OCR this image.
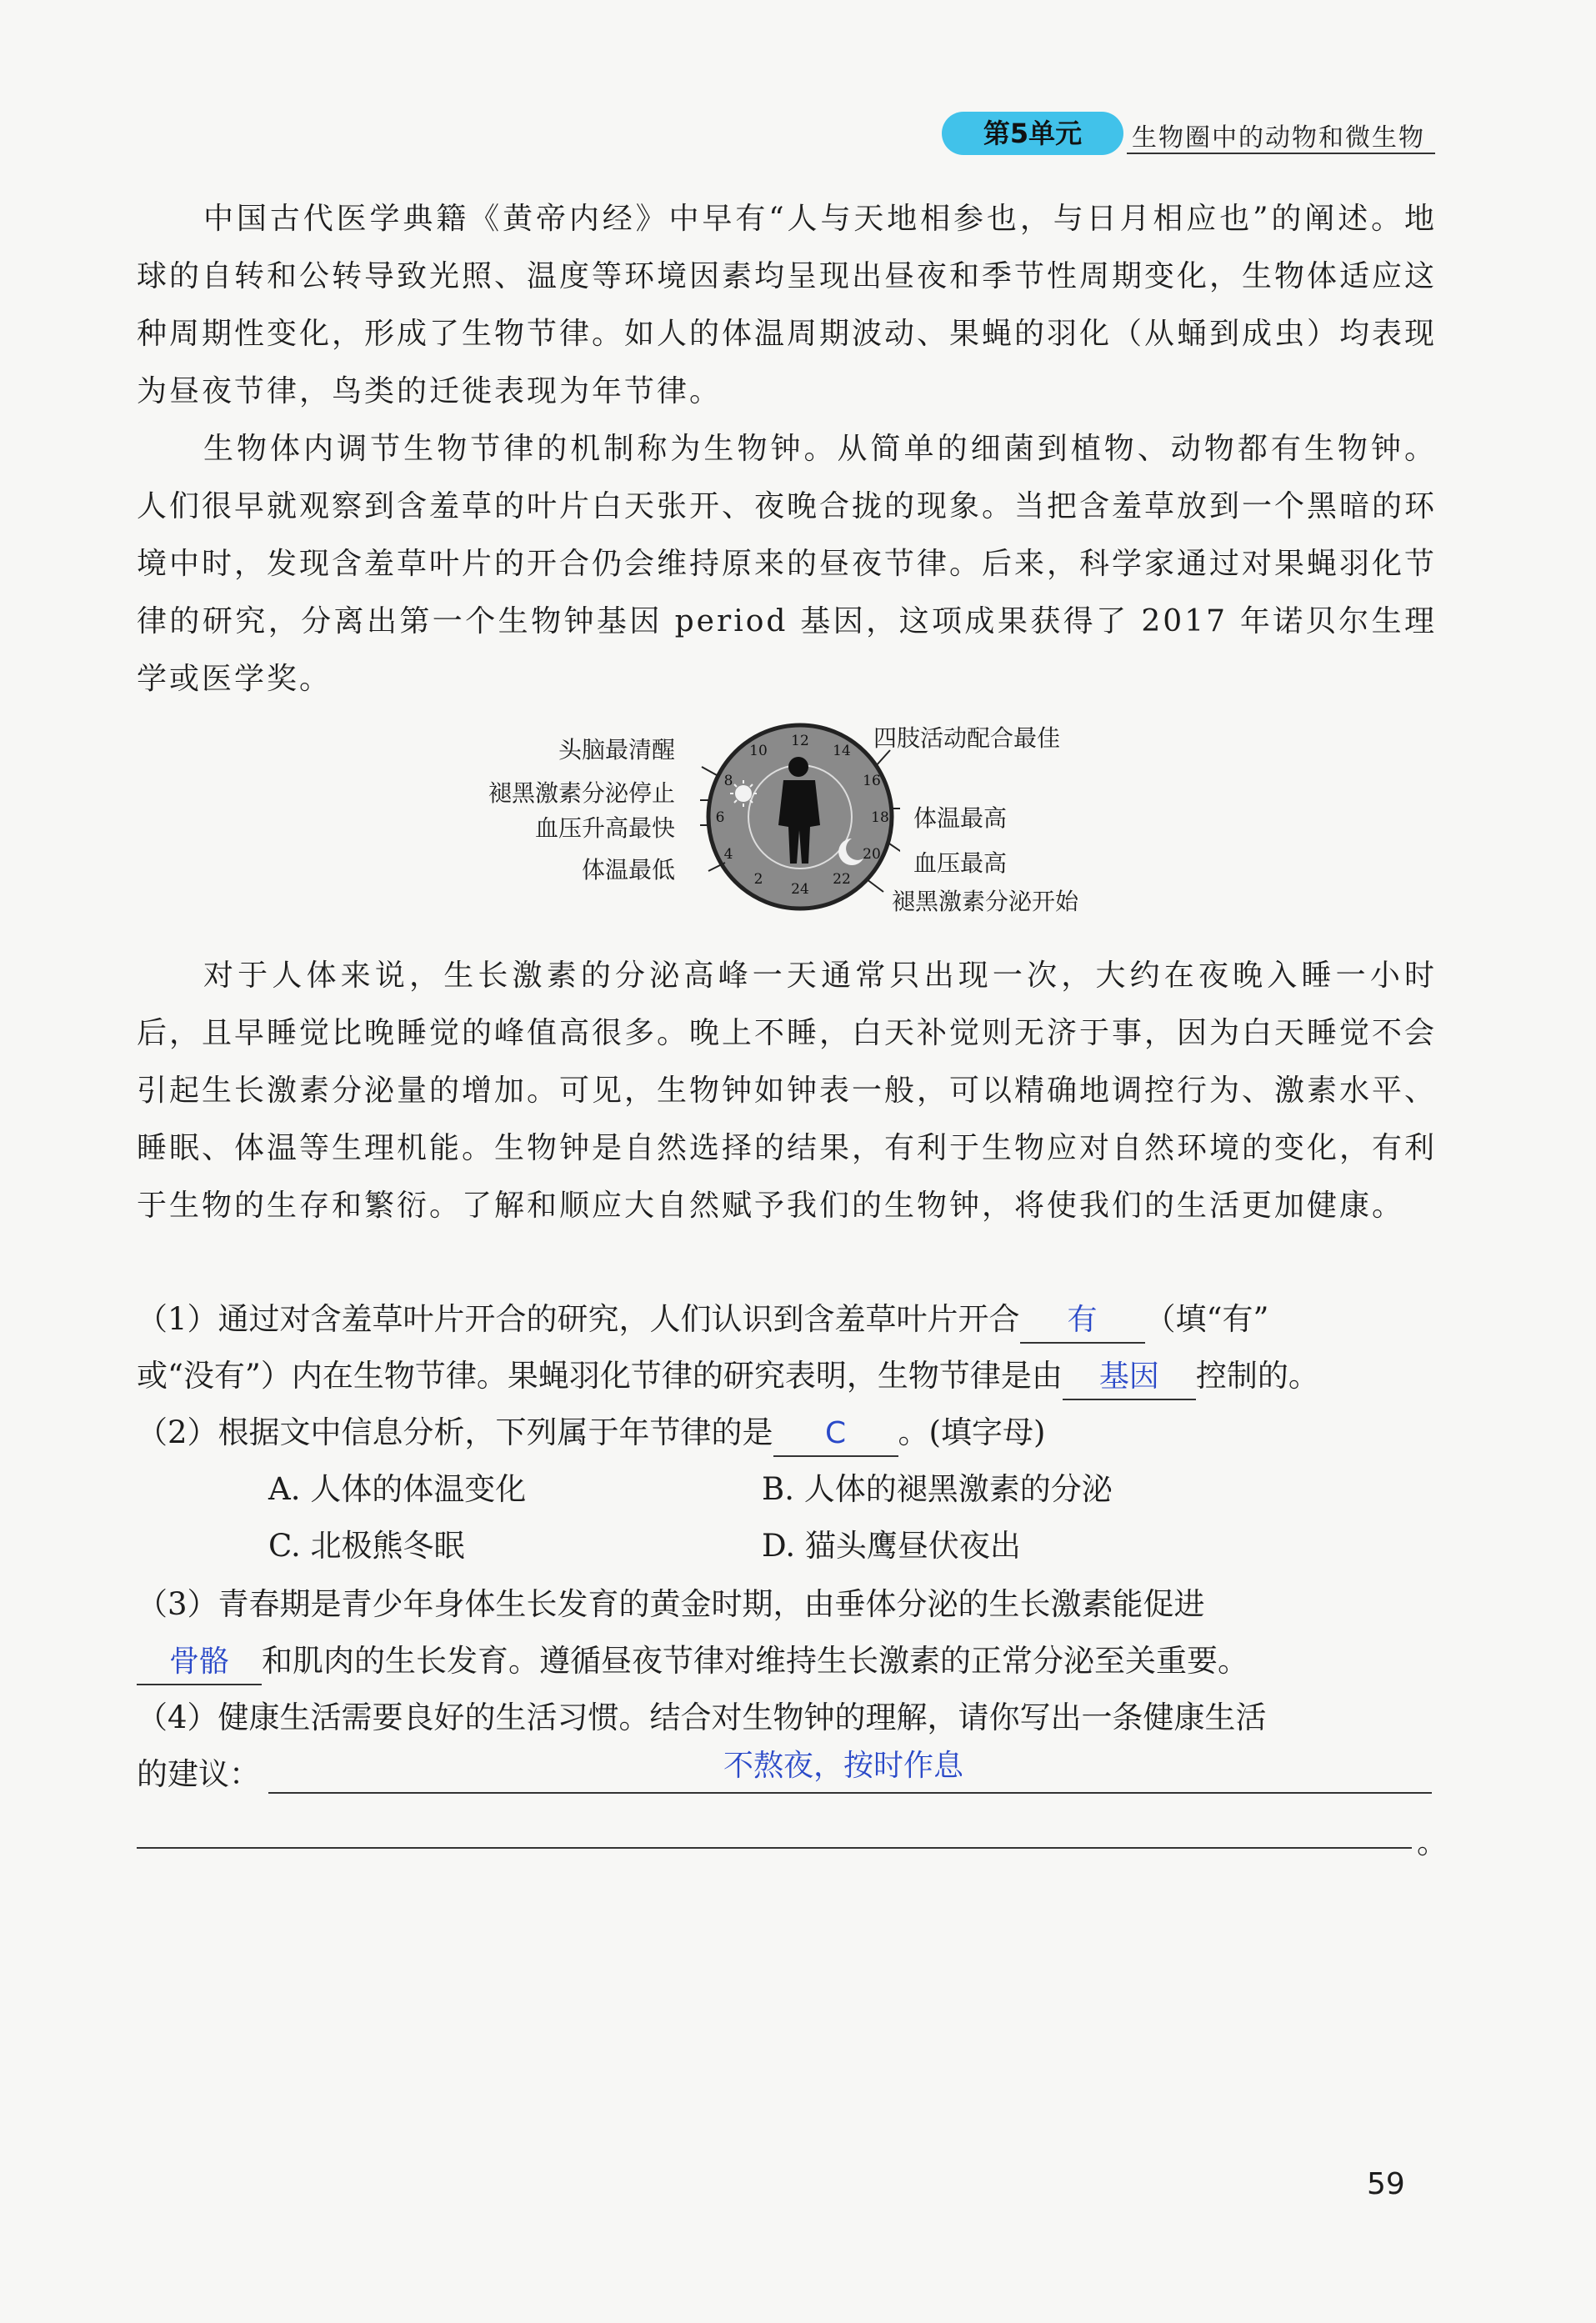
第5单元	生物圈中的动物和微生物

中国古代医学典籍《黄帝内经》中早有“人与天地相参也，与日月相应也”的阐述。地球的自转和公转导致光照、温度等环境因素均呈现出昼夜和季节性周期变化，生物体适应这种周期性变化，形成了生物节律。如人的体温周期波动、果蝇的羽化（从蛹到成虫）均表现为昼夜节律，鸟类的迁徙表现为年节律。

生物体内调节生物节律的机制称为生物钟。从简单的细菌到植物、动物都有生物钟。人们很早就观察到含羞草的叶片白天张开、夜晚合拢的现象。当把含羞草放到一个黑暗的环境中时，发现含羞草叶片的开合仍会维持原来的昼夜节律。后来，科学家通过对果蝇羽化节律的研究，分离出第一个生物钟基因 period 基因，这项成果获得了 2017 年诺贝尔生理学或医学奖。

头脑最清醒
褪黑激素分泌停止
血压升高最快
体温最低
四肢活动配合最佳
体温最高
血压最高
褪黑激素分泌开始
24
2
4
6
8
10
12
14
16
18
20
22

对于人体来说，生长激素的分泌高峰一天通常只出现一次，大约在夜晚入睡一小时后，且早睡觉比晚睡觉的峰值高很多。晚上不睡，白天补觉则无济于事，因为白天睡觉不会引起生长激素分泌量的增加。可见，生物钟如钟表一般，可以精确地调控行为、激素水平、睡眠、体温等生理机能。生物钟是自然选择的结果，有利于生物应对自然环境的变化，有利于生物的生存和繁衍。了解和顺应大自然赋予我们的生物钟，将使我们的生活更加健康。

（1）通过对含羞草叶片开合的研究，人们认识到含羞草叶片开合 有 （填“有”
或“没有”）内在生物节律。果蝇羽化节律的研究表明，生物节律是由 基因 控制的。
（2）根据文中信息分析，下列属于年节律的是 C 。(填字母)
A. 人体的体温变化	B. 人体的褪黑激素的分泌
C. 北极熊冬眠	D. 猫头鹰昼伏夜出
（3）青春期是青少年身体生长发育的黄金时期，由垂体分泌的生长激素能促进
骨骼 和肌肉的生长发育。遵循昼夜节律对维持生长激素的正常分泌至关重要。
（4）健康生活需要良好的生活习惯。结合对生物钟的理解，请你写出一条健康生活
的建议：	不熬夜，按时作息
。
59
